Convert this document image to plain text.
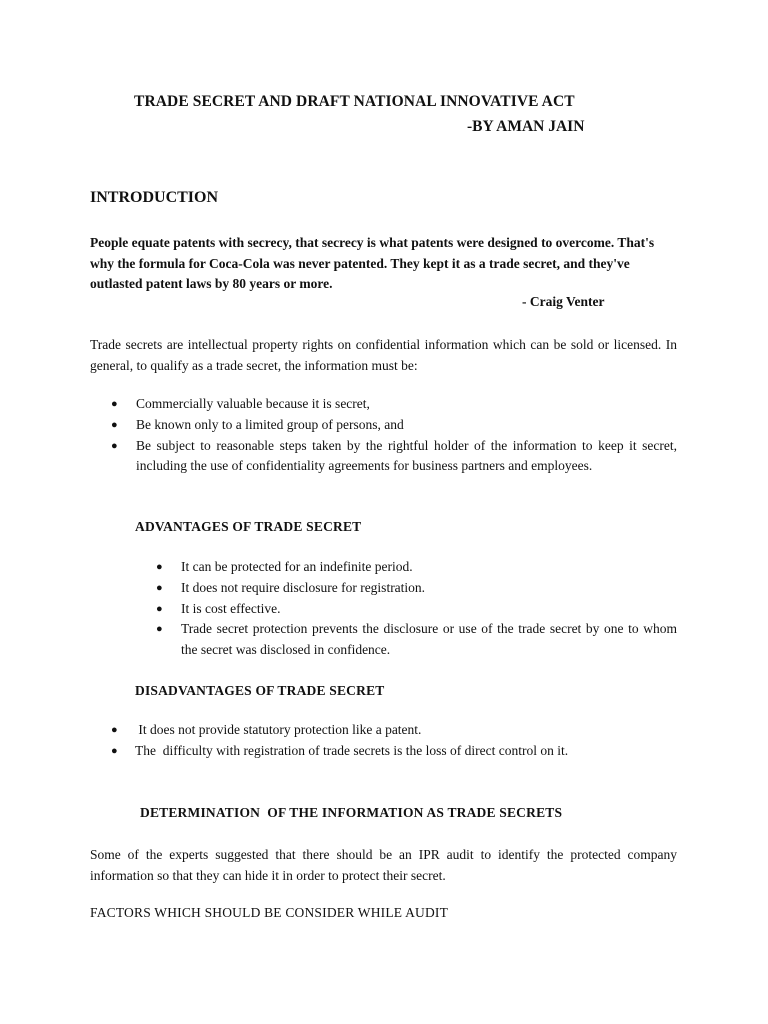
TRADE SECRET AND DRAFT NATIONAL INNOVATIVE ACT

-BY AMAN JAIN

INTRODUCTION

People equate patents with secrecy, that secrecy is what patents were designed to overcome. That's why the formula for Coca-Cola was never patented. They kept it as a trade secret, and they've outlasted patent laws by 80 years or more.

- Craig Venter

Trade secrets are intellectual property rights on confidential information which can be sold or licensed. In general, to qualify as a trade secret, the information must be:

● Commercially valuable because it is secret,
● Be known only to a limited group of persons, and
● Be subject to reasonable steps taken by the rightful holder of the information to keep it secret, including the use of confidentiality agreements for business partners and employees.

ADVANTAGES OF TRADE SECRET

● It can be protected for an indefinite period.
● It does not require disclosure for registration.
● It is cost effective.
● Trade secret protection prevents the disclosure or use of the trade secret by one to whom the secret was disclosed in confidence.

DISADVANTAGES OF TRADE SECRET

● It does not provide statutory protection like a patent.
● The  difficulty with registration of trade secrets is the loss of direct control on it.

DETERMINATION  OF THE INFORMATION AS TRADE SECRETS

Some of the experts suggested that there should be an IPR audit to identify the protected company information so that they can hide it in order to protect their secret.

FACTORS WHICH SHOULD BE CONSIDER WHILE AUDIT
